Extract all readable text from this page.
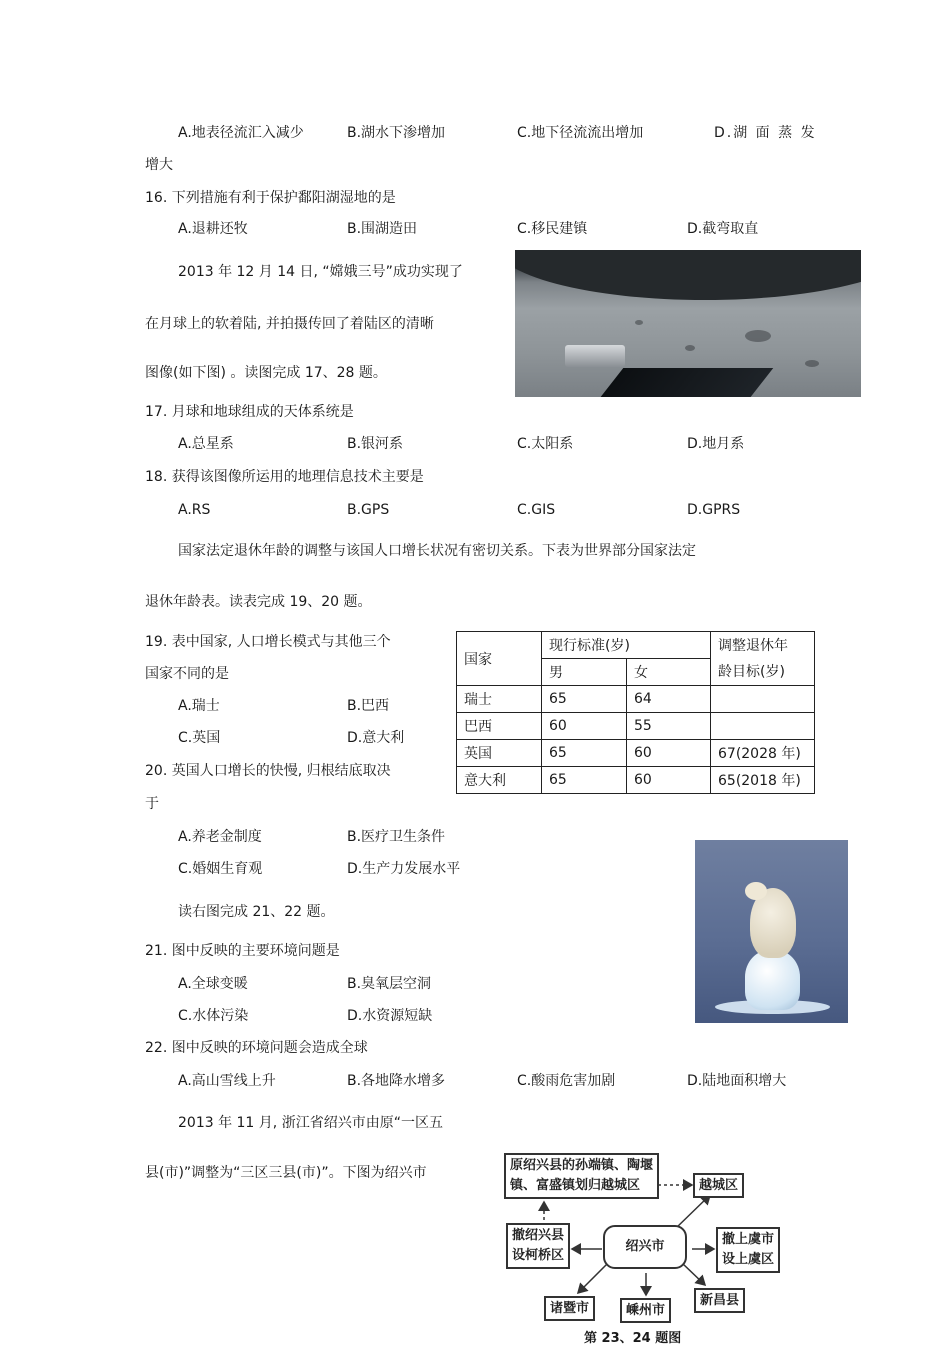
A.地表径流汇入减少	B.湖水下渗增加	C.地下径流流出增加	D.湖 面 蒸 发
增大
16. 下列措施有利于保护鄱阳湖湿地的是
A.退耕还牧	B.围湖造田	C.移民建镇	D.截弯取直
2013 年 12 月 14 日, “嫦娥三号”成功实现了
在月球上的软着陆, 并拍摄传回了着陆区的清晰
图像(如下图) 。读图完成 17、28 题。
17. 月球和地球组成的天体系统是
A.总星系	B.银河系	C.太阳系	D.地月系
18. 获得该图像所运用的地理信息技术主要是
A.RS	B.GPS	C.GIS	D.GPRS
国家法定退休年龄的调整与该国人口增长状况有密切关系。下表为世界部分国家法定
退休年龄表。读表完成 19、20 题。
19. 表中国家, 人口增长模式与其他三个
国家不同的是
A.瑞士	B.巴西
C.英国	D.意大利
国家	现行标准(岁)		调整退休年
龄目标(岁)
	男	女	
瑞士	65	64	
巴西	60	55	
英国	65	60	67(2028 年)
意大利	65	60	65(2018 年)
20. 英国人口增长的快慢, 归根结底取决
于
A.养老金制度	B.医疗卫生条件
C.婚姻生育观	D.生产力发展水平
读右图完成 21、22 题。
21. 图中反映的主要环境问题是
A.全球变暖	B.臭氧层空洞
C.水体污染	D.水资源短缺
22. 图中反映的环境问题会造成全球
A.高山雪线上升	B.各地降水增多	C.酸雨危害加剧	D.陆地面积增大
2013 年 11 月, 浙江省绍兴市由原“一区五
县(市)”调整为“三区三县(市)”。下图为绍兴市	原绍兴县的孙端镇、陶堰
镇、富盛镇划归越城区	越城区
撤绍兴县
设柯桥区
绍兴市	撤上虞市
设上虞区
诸暨市	嵊州市
新昌县
第 23、24 题图
